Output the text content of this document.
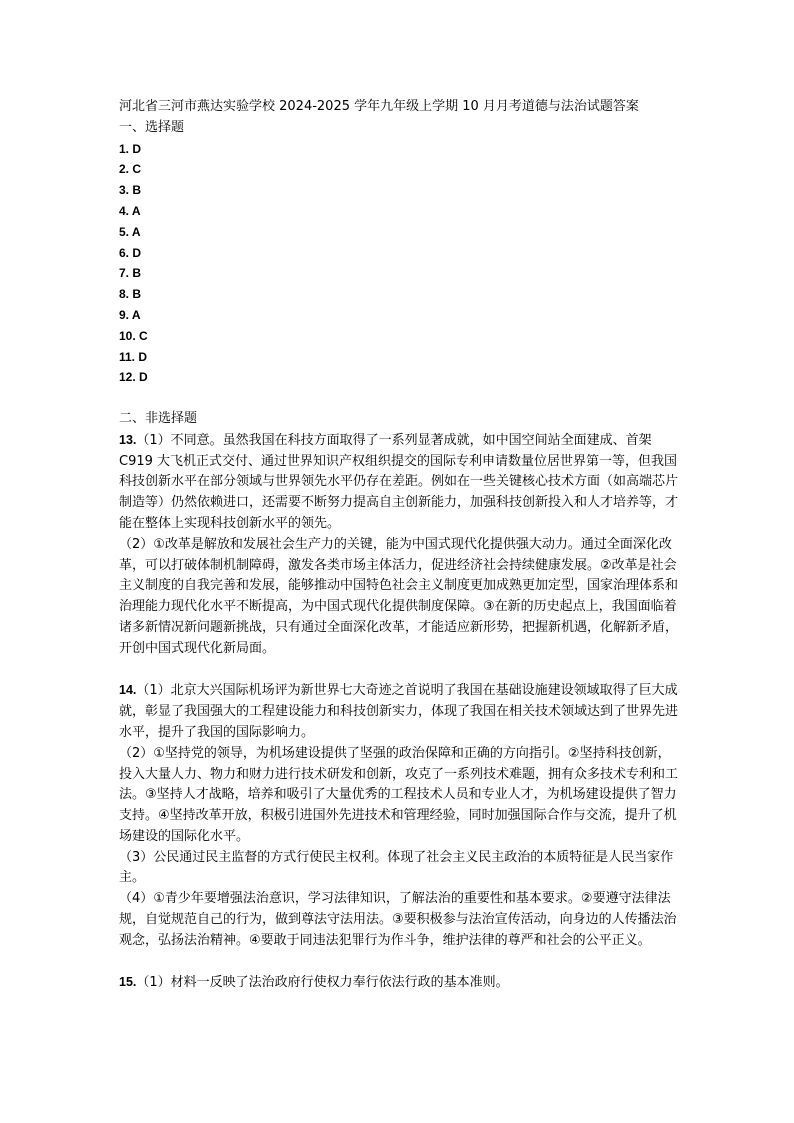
河北省三河市燕达实验学校 2024-2025 学年九年级上学期 10 月月考道德与法治试题答案
一、选择题
1. D
2. C
3. B
4. A
5. A
6. D
7. B
8. B
9. A
10. C
11. D
12. D
二、非选择题

13.（1）不同意。虽然我国在科技方面取得了一系列显著成就，如中国空间站全面建成、首架 C919 大飞机正式交付、通过世界知识产权组织提交的国际专利申请数量位居世界第一等，但我国科技创新水平在部分领域与世界领先水平仍存在差距。例如在一些关键核心技术方面（如高端芯片制造等）仍然依赖进口，还需要不断努力提高自主创新能力，加强科技创新投入和人才培养等，才能在整体上实现科技创新水平的领先。

（2）①改革是解放和发展社会生产力的关键，能为中国式现代化提供强大动力。通过全面深化改革，可以打破体制机制障碍，激发各类市场主体活力，促进经济社会持续健康发展。②改革是社会主义制度的自我完善和发展，能够推动中国特色社会主义制度更加成熟更加定型，国家治理体系和治理能力现代化水平不断提高，为中国式现代化提供制度保障。③在新的历史起点上，我国面临着诸多新情况新问题新挑战，只有通过全面深化改革，才能适应新形势，把握新机遇，化解新矛盾，开创中国式现代化新局面。

14.（1）北京大兴国际机场评为新世界七大奇迹之首说明了我国在基础设施建设领域取得了巨大成就，彰显了我国强大的工程建设能力和科技创新实力，体现了我国在相关技术领域达到了世界先进水平，提升了我国的国际影响力。

（2）①坚持党的领导，为机场建设提供了坚强的政治保障和正确的方向指引。②坚持科技创新，投入大量人力、物力和财力进行技术研发和创新，攻克了一系列技术难题，拥有众多技术专利和工法。③坚持人才战略，培养和吸引了大量优秀的工程技术人员和专业人才，为机场建设提供了智力支持。④坚持改革开放，积极引进国外先进技术和管理经验，同时加强国际合作与交流，提升了机场建设的国际化水平。

（3）公民通过民主监督的方式行使民主权利。体现了社会主义民主政治的本质特征是人民当家作主。

（4）①青少年要增强法治意识，学习法律知识，了解法治的重要性和基本要求。②要遵守法律法规，自觉规范自己的行为，做到尊法守法用法。③要积极参与法治宣传活动，向身边的人传播法治观念，弘扬法治精神。④要敢于同违法犯罪行为作斗争，维护法律的尊严和社会的公平正义。

15.（1）材料一反映了法治政府行使权力奉行依法行政的基本准则。
